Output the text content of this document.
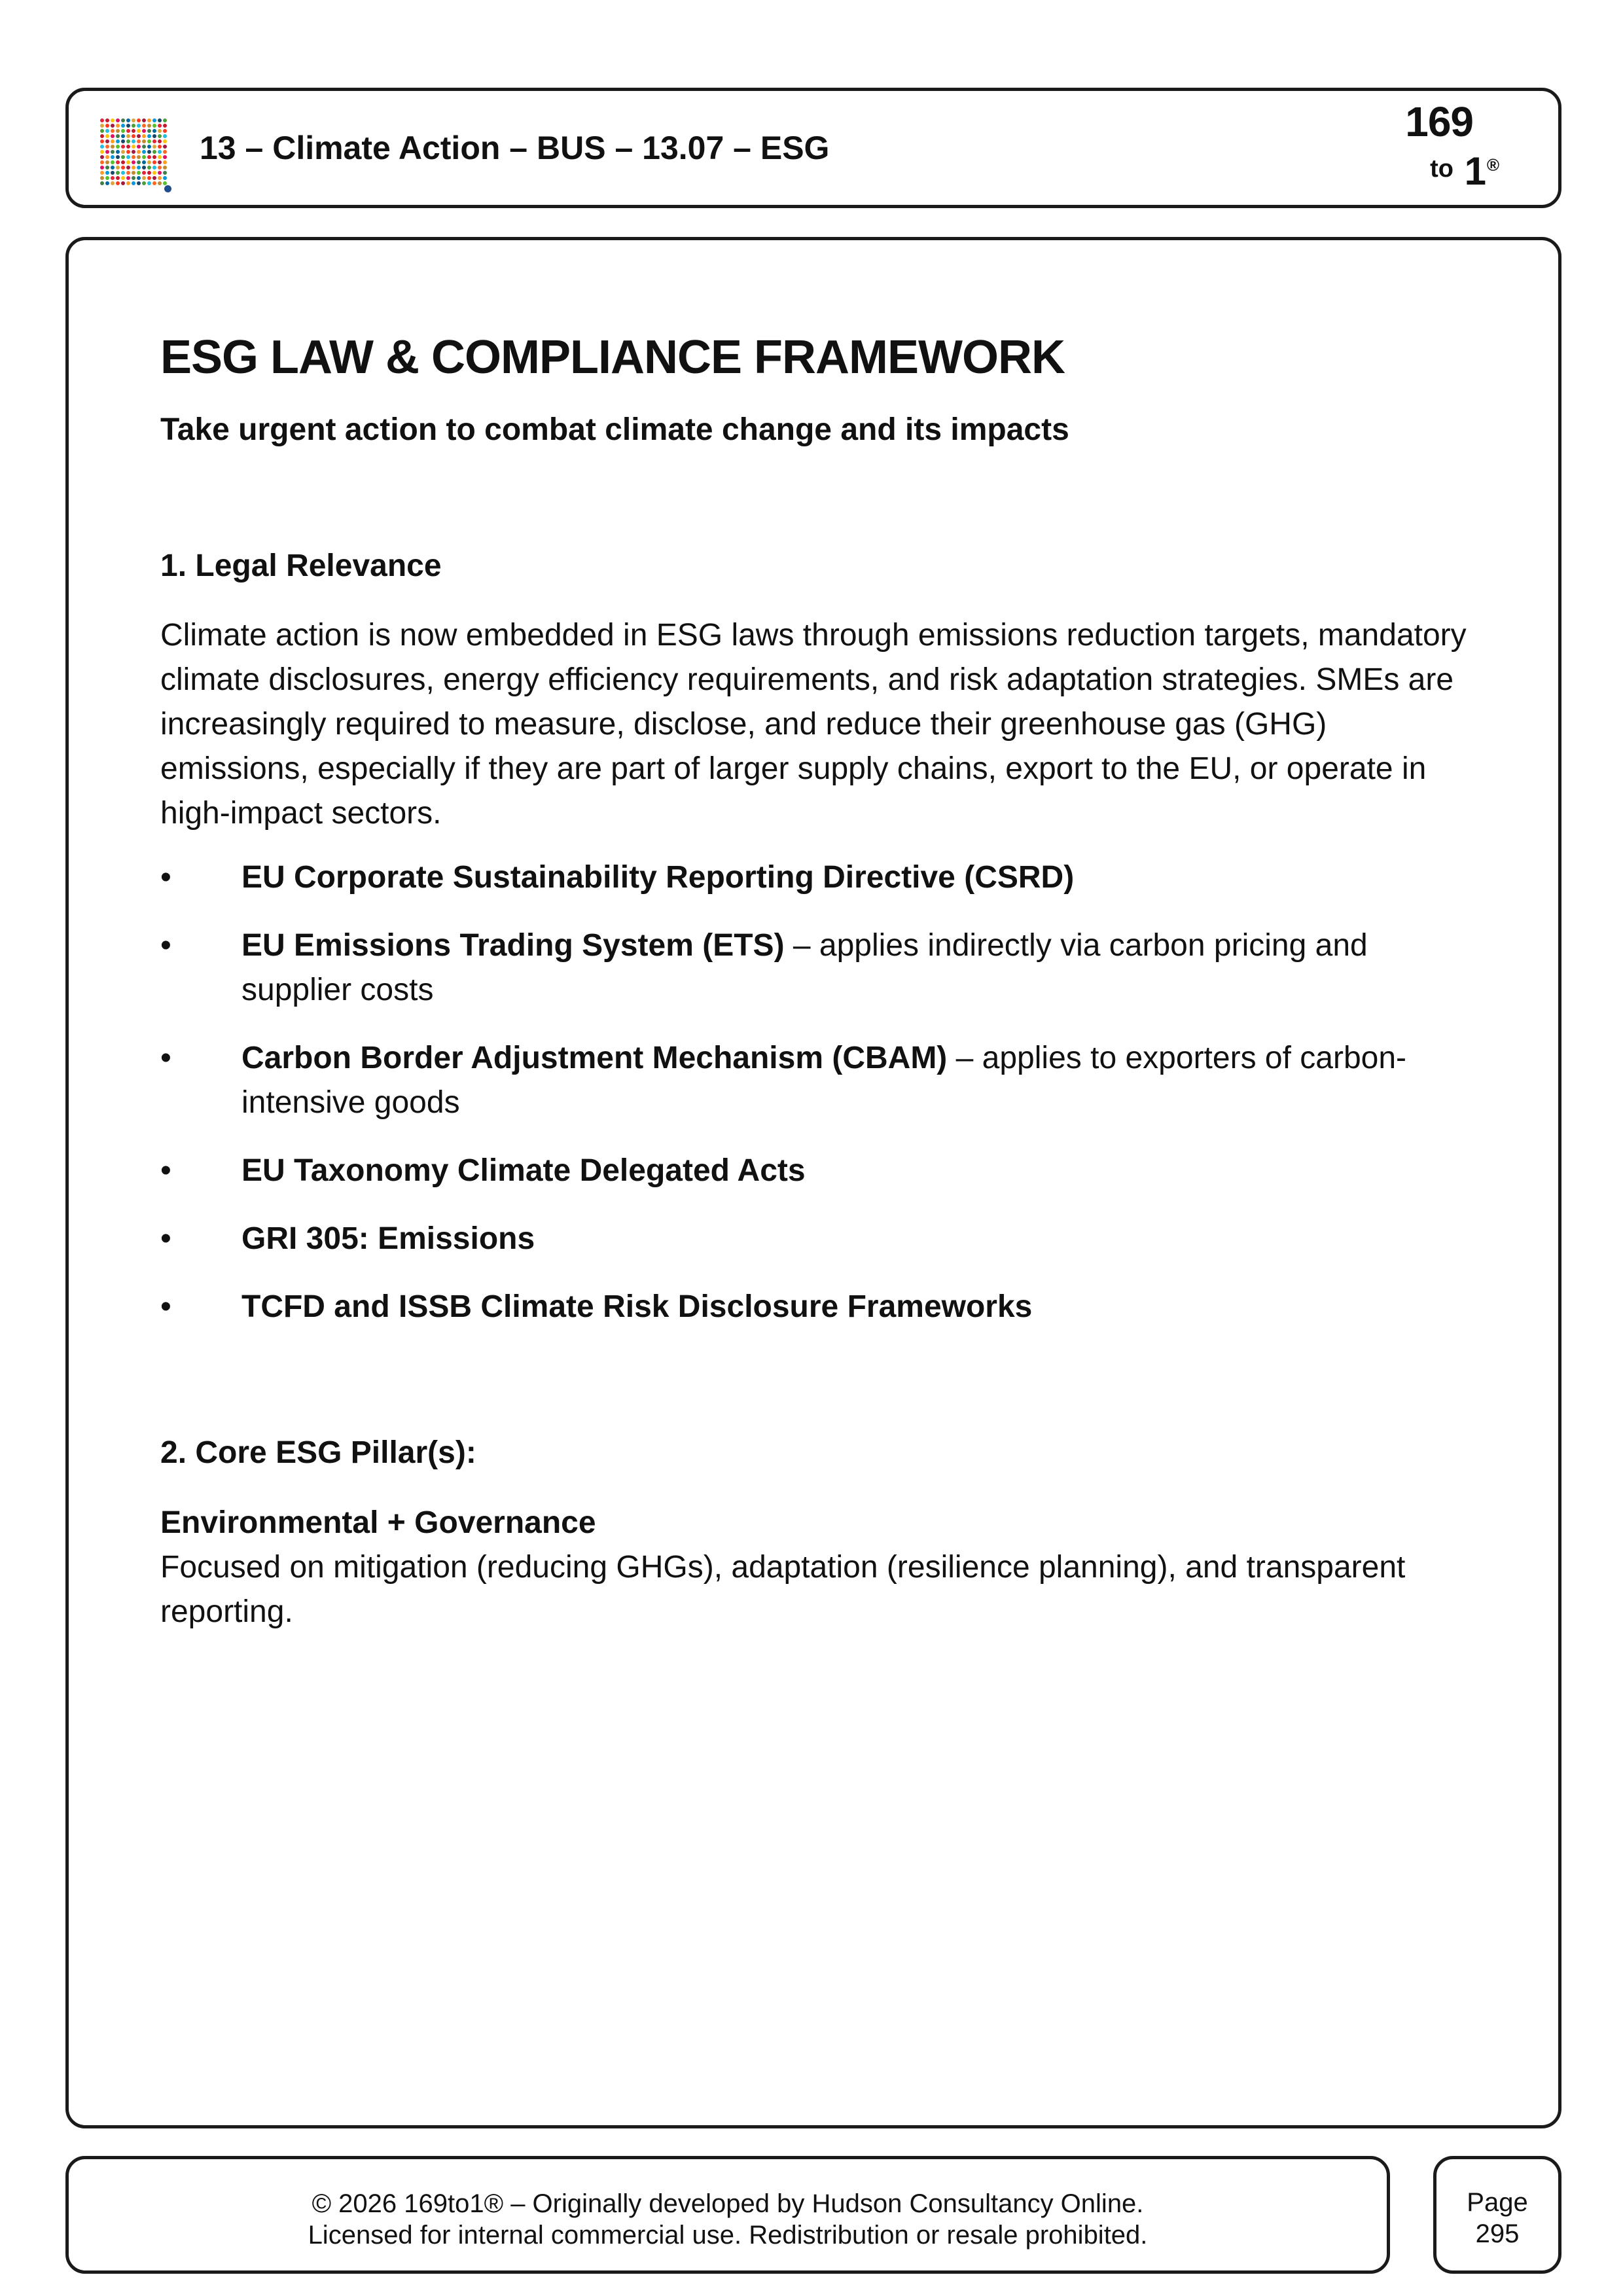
13 – Climate Action – BUS – 13.07 – ESG
169
to 1 ®
ESG LAW & COMPLIANCE FRAMEWORK
Take urgent action to combat climate change and its impacts
1. Legal Relevance

Climate action is now embedded in ESG laws through emissions reduction targets, mandatory climate disclosures, energy efficiency requirements, and risk adaptation strategies. SMEs are increasingly required to measure, disclose, and reduce their greenhouse gas (GHG) emissions, especially if they are part of larger supply chains, export to the EU, or operate in high-impact sectors.

• EU Corporate Sustainability Reporting Directive (CSRD)
• EU Emissions Trading System (ETS) – applies indirectly via carbon pricing and supplier costs
• Carbon Border Adjustment Mechanism (CBAM) – applies to exporters of carbon-intensive goods
• EU Taxonomy Climate Delegated Acts
• GRI 305: Emissions
• TCFD and ISSB Climate Risk Disclosure Frameworks
2. Core ESG Pillar(s):

Environmental + Governance

Focused on mitigation (reducing GHGs), adaptation (resilience planning), and transparent reporting.

© 2026 169to1® – Originally developed by Hudson Consultancy Online.
Licensed for internal commercial use. Redistribution or resale prohibited.
Page
295
